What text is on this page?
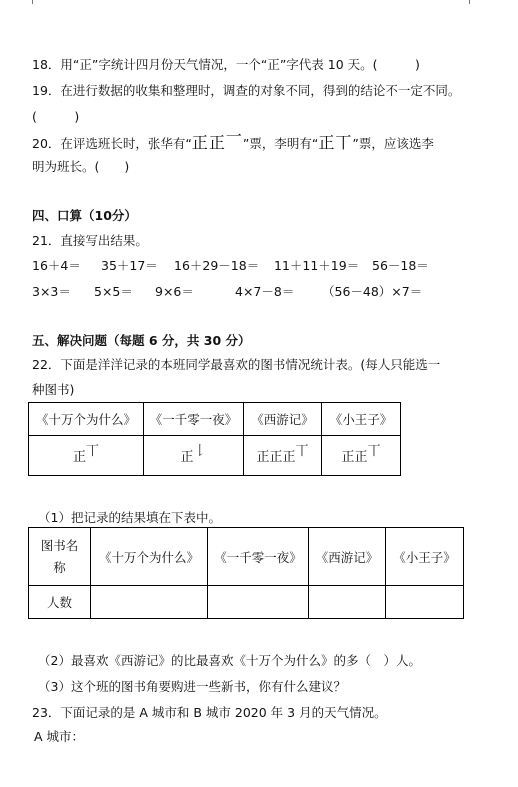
18．用“正”字统计四月份天气情况，一个“正”字代表 10 天。(　　　)
19．在进行数据的收集和整理时，调查的对象不同，得到的结论不一定不同。
(　　　)
20．在评选班长时，张华有“正正一”票，李明有“正丅”票，应该选李
明为班长。(　　)
四、口算（10分）
21．直接写出结果。
16＋4＝ 35＋17＝ 16＋29－18＝ 11＋11＋19＝ 56－18＝
3×3＝ 5×5＝ 9×6＝	4×7－8＝ （56－48）×7＝
五、解决问题（每题 6 分，共 30 分）
22．下面是洋洋记录的本班同学最喜欢的图书情况统计表。(每人只能选一
种图书)
《十万个为什么》	《一千零一夜》	《西游记》	《小王子》
正丅	正𠄌	正正正丅	正正丅
（1）把记录的结果填在下表中。
图书名称	《十万个为什么》	《一千零一夜》	《西游记》	《小王子》
人数				
（2）最喜欢《西游记》的比最喜欢《十万个为什么》的多（　）人。
（3）这个班的图书角要购进一些新书，你有什么建议？
23．下面记录的是 A 城市和 B 城市 2020 年 3 月的天气情况。
A 城市：
